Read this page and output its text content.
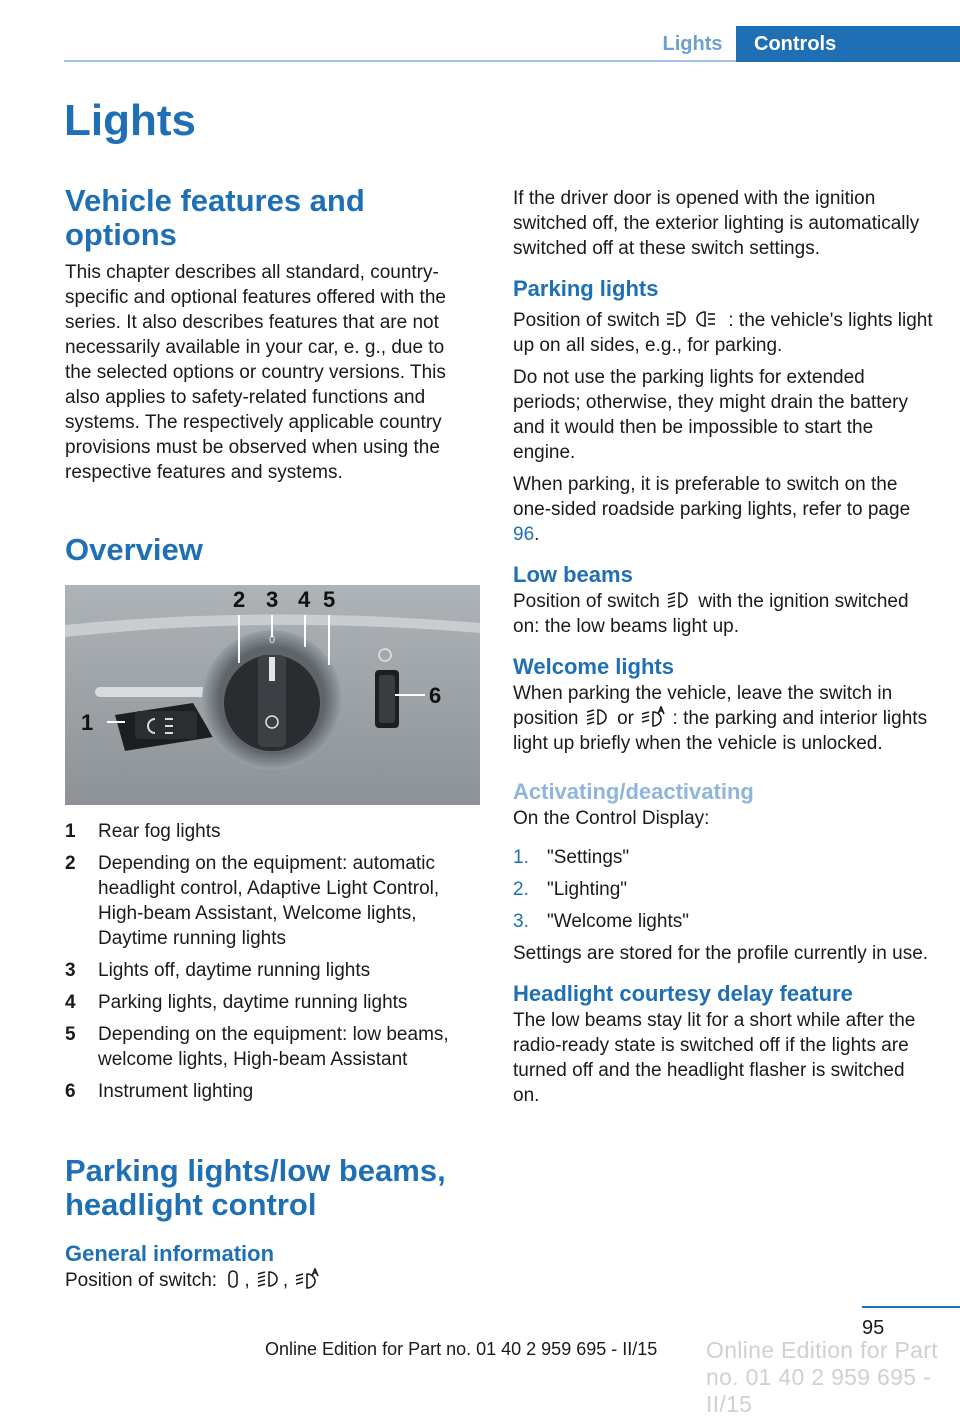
Lights	Controls
Lights
Vehicle features and options

This chapter describes all standard, country-specific and optional features offered with the series. It also describes features that are not necessarily available in your car, e. g., due to the selected options or country versions. This also applies to safety-related functions and systems. The respectively applicable country provisions must be observed when using the respective features and systems.

Overview
0
1
2 3 4 5
6
1	Rear fog lights
2	Depending on the equipment: automatic headlight control, Adaptive Light Control, High-beam Assistant, Welcome lights, Daytime running lights
3	Lights off, daytime running lights
4	Parking lights, daytime running lights
5	Depending on the equipment: low beams, welcome lights, High-beam Assistant
6	Instrument lighting
Parking lights/low beams, headlight control
General information

Position of switch: , ,

If the driver door is opened with the ignition switched off, the exterior lighting is automatically switched off at these switch settings.

Parking lights

Position of switch	: the vehicle's lights light up on all sides, e.g., for parking.

Do not use the parking lights for extended periods; otherwise, they might drain the battery and it would then be impossible to start the engine.

When parking, it is preferable to switch on the one-sided roadside parking lights, refer to page 96.

Low beams

Position of switch with the ignition switched on: the low beams light up.

Welcome lights

When parking the vehicle, leave the switch in position or : the parking and interior lights light up briefly when the vehicle is unlocked.

Activating/deactivating

On the Control Display:

1. "Settings"
2. "Lighting"
3. "Welcome lights"

Settings are stored for the profile currently in use.

Headlight courtesy delay feature

The low beams stay lit for a short while after the radio-ready state is switched off if the lights are turned off and the headlight flasher is switched on.

95
Online Edition for Part no. 01 40 2 959 695 - II/15 Online Edition for Part no. 01 40 2 959 695 - II/15
